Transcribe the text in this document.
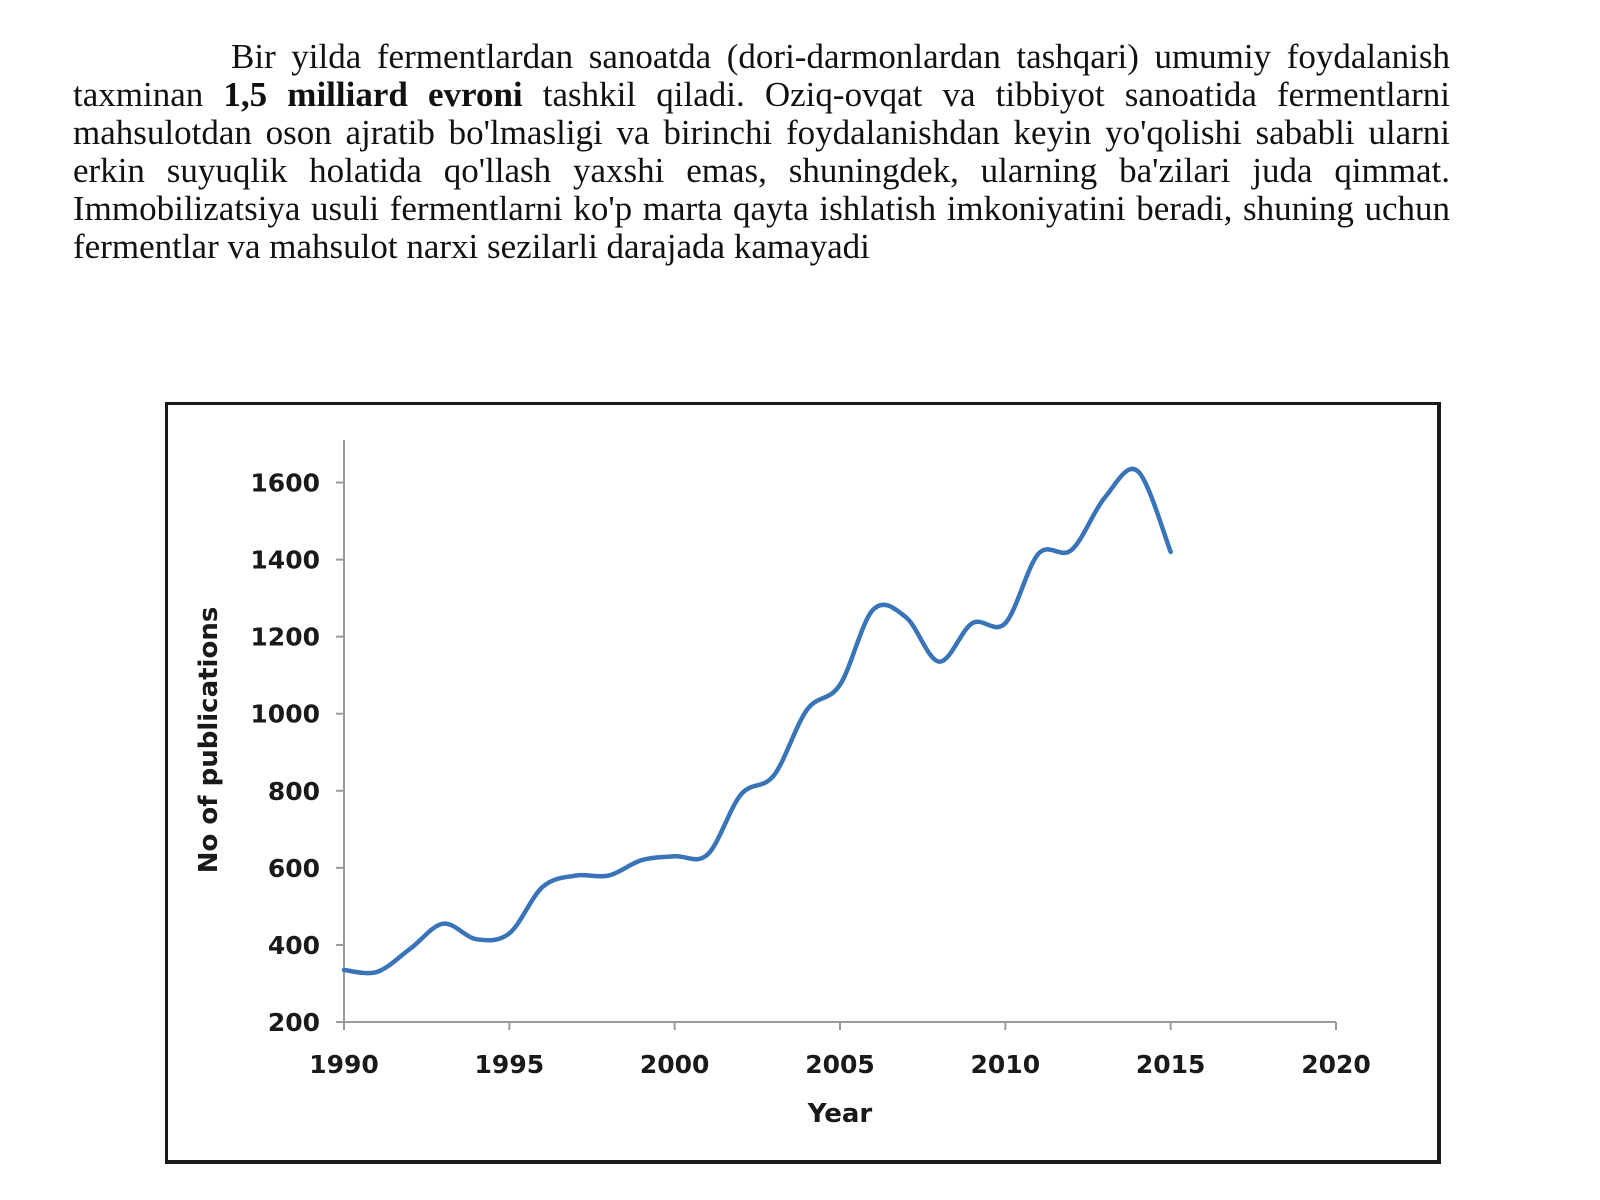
Bir yilda fermentlardan sanoatda (dori-darmonlardan tashqari) umumiy foydalanish taxminan 1,5 milliard evroni tashkil qiladi. Oziq-ovqat va tibbiyot sanoatida fermentlarni mahsulotdan oson ajratib bo'lmasligi va birinchi foydalanishdan keyin yo'qolishi sababli ularni erkin suyuqlik holatida qo'llash yaxshi emas, shuningdek, ularning ba'zilari juda qimmat. Immobilizatsiya usuli fermentlarni ko'p marta qayta ishlatish imkoniyatini beradi, shuning uchun fermentlar va mahsulot narxi sezilarli darajada kamayadi
200
400
600
800
1000
1200
1400
1600
1990	1995	2000	2005	2010	2015	2020
No of publications
Year
